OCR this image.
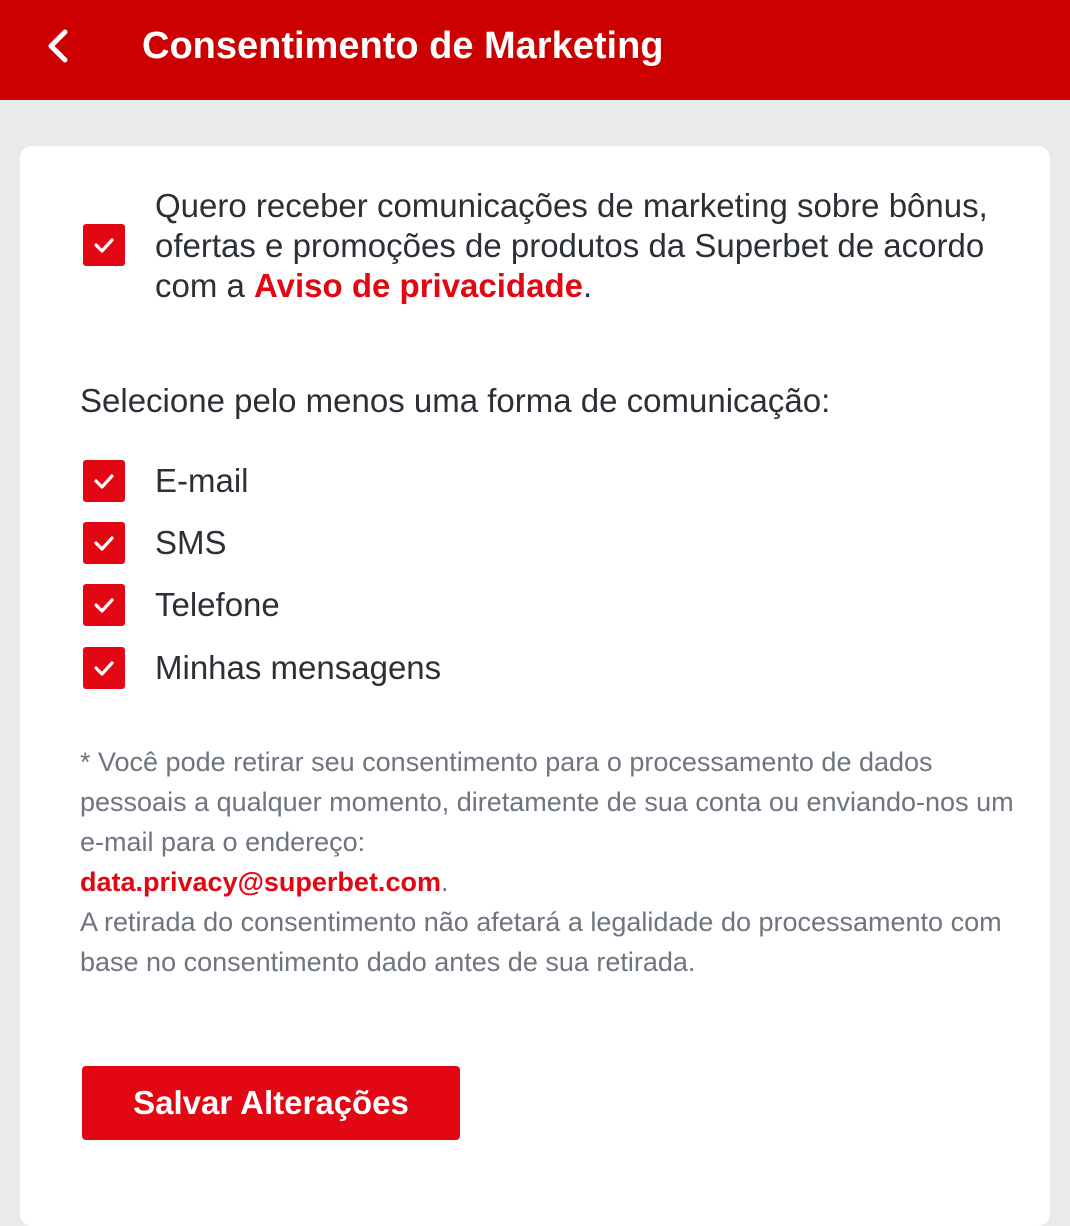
Consentimento de Marketing
Quero receber comunicações de marketing sobre bônus, ofertas e promoções de produtos da Superbet de acordo com a Aviso de privacidade.
Selecione pelo menos uma forma de comunicação:
E-mail
SMS
Telefone
Minhas mensagens

* Você pode retirar seu consentimento para o processamento de dados pessoais a qualquer momento, diretamente de sua conta ou enviando-nos um e-mail para o endereço:
data.privacy@superbet.com.

A retirada do consentimento não afetará a legalidade do processamento com base no consentimento dado antes de sua retirada.

Salvar Alterações
